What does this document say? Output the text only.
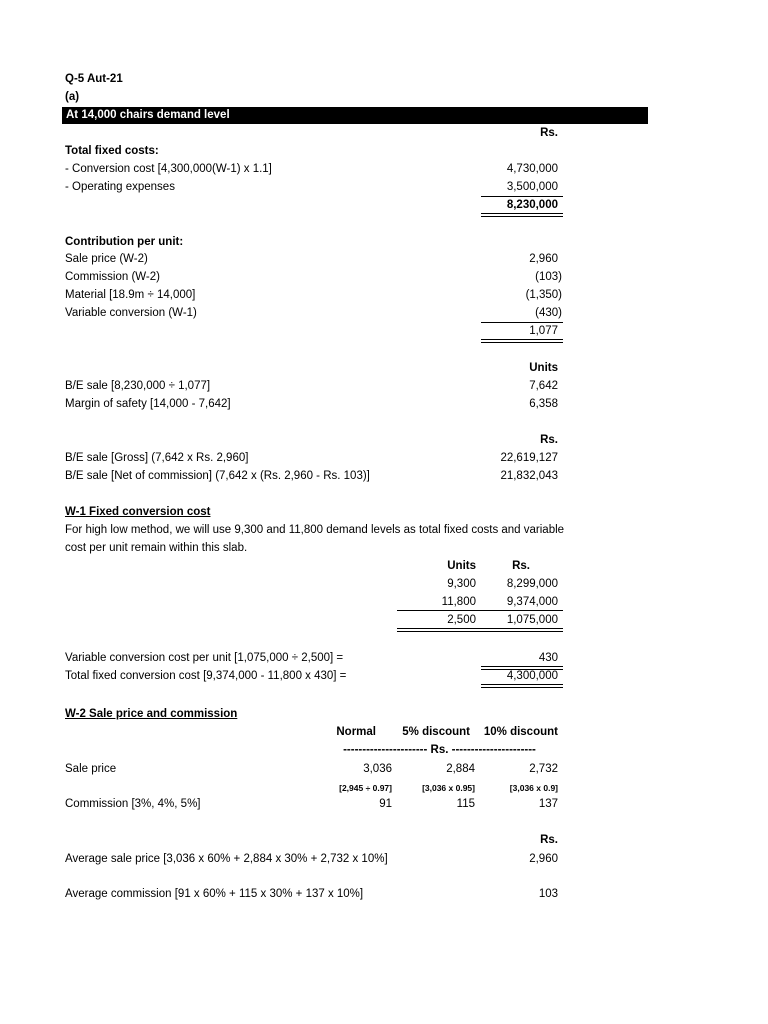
Q-5 Aut-21
(a)
At 14,000 chairs demand level
Rs.
Total fixed costs:
- Conversion cost [4,300,000(W-1) x 1.1]	4,730,000
- Operating expenses	3,500,000
8,230,000
Contribution per unit:
Sale price (W-2)	2,960
Commission (W-2)	(103)
Material [18.9m ÷ 14,000]	(1,350)
Variable conversion (W-1)	(430)
1,077
Units
B/E sale [8,230,000 ÷ 1,077]	7,642
Margin of safety [14,000 - 7,642]	6,358
Rs.
B/E sale [Gross] (7,642 x Rs. 2,960]	22,619,127
B/E sale [Net of commission] (7,642 x (Rs. 2,960 - Rs. 103)]	21,832,043
W-1 Fixed conversion cost
For high low method, we will use 9,300 and 11,800 demand levels as total fixed costs and variable
cost per unit remain within this slab.
Units	Rs.
9,300	8,299,000
11,800	9,374,000
2,500	1,075,000
Variable conversion cost per unit [1,075,000 ÷ 2,500] =	430
Total fixed conversion cost [9,374,000 - 11,800 x 430] =	4,300,000
W-2 Sale price and commission
Normal	5% discount	10% discount
---------------------- Rs. ----------------------
Sale price	3,036	2,884	2,732
[2,945 ÷ 0.97]	[3,036 x 0.95]	[3,036 x 0.9]
Commission [3%, 4%, 5%]	91	115	137
Rs.
Average sale price [3,036 x 60% + 2,884 x 30% + 2,732 x 10%]	2,960
Average commission [91 x 60% + 115 x 30% + 137 x 10%]	103
